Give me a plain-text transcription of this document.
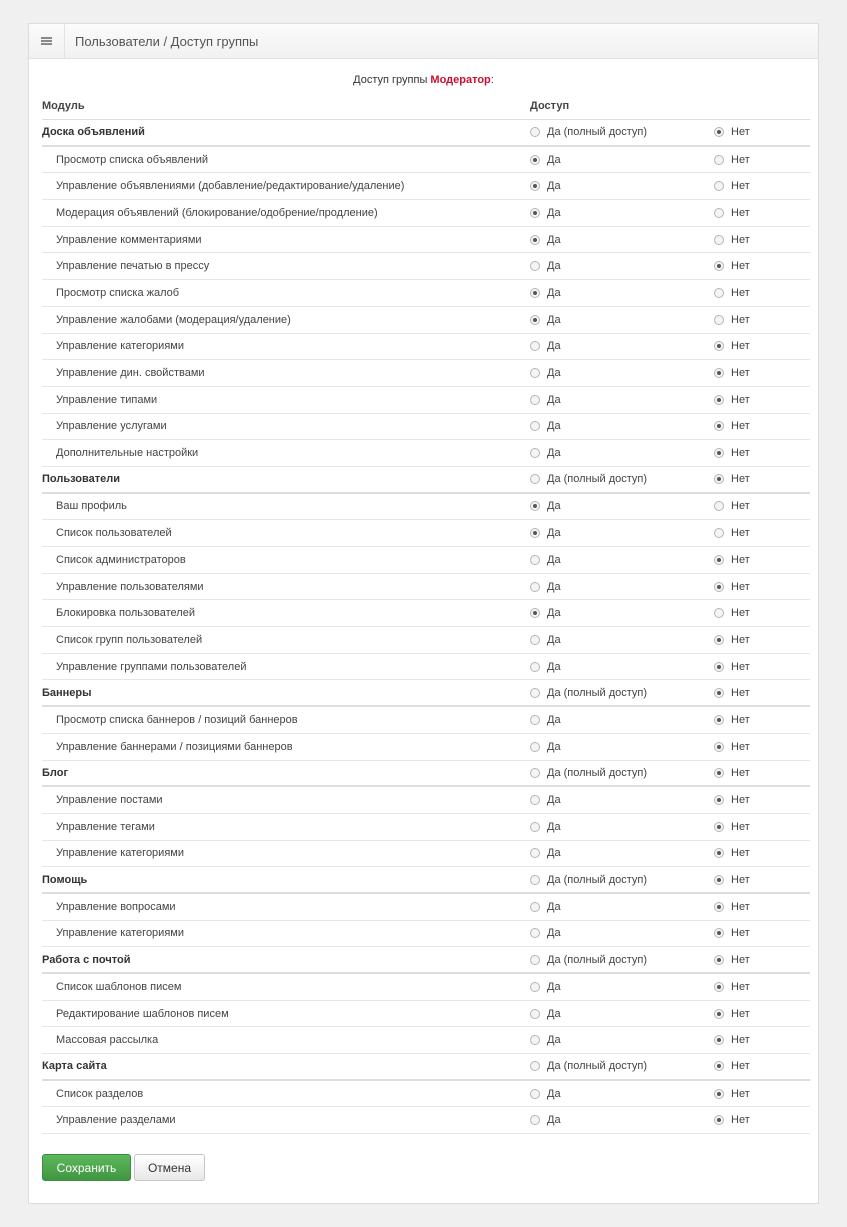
Пользователи / Доступ группы
Доступ группы Модератор:
Модуль	Доступ
Доска объявлений	Да (полный доступ)	Нет
Просмотр списка объявлений	Да	Нет
Управление объявлениями (добавление/редактирование/удаление)	Да	Нет
Модерация объявлений (блокирование/одобрение/продление)	Да	Нет
Управление комментариями	Да	Нет
Управление печатью в прессу	Да	Нет
Просмотр списка жалоб	Да	Нет
Управление жалобами (модерация/удаление)	Да	Нет
Управление категориями	Да	Нет
Управление дин. свойствами	Да	Нет
Управление типами	Да	Нет
Управление услугами	Да	Нет
Дополнительные настройки	Да	Нет
Пользователи	Да (полный доступ)	Нет
Ваш профиль	Да	Нет
Список пользователей	Да	Нет
Список администраторов	Да	Нет
Управление пользователями	Да	Нет
Блокировка пользователей	Да	Нет
Список групп пользователей	Да	Нет
Управление группами пользователей	Да	Нет
Баннеры	Да (полный доступ)	Нет
Просмотр списка баннеров / позиций баннеров	Да	Нет
Управление баннерами / позициями баннеров	Да	Нет
Блог	Да (полный доступ)	Нет
Управление постами	Да	Нет
Управление тегами	Да	Нет
Управление категориями	Да	Нет
Помощь	Да (полный доступ)	Нет
Управление вопросами	Да	Нет
Управление категориями	Да	Нет
Работа с почтой	Да (полный доступ)	Нет
Список шаблонов писем	Да	Нет
Редактирование шаблонов писем	Да	Нет
Массовая рассылка	Да	Нет
Карта сайта	Да (полный доступ)	Нет
Список разделов	Да	Нет
Управление разделами	Да	Нет
Сохранить	Отмена
